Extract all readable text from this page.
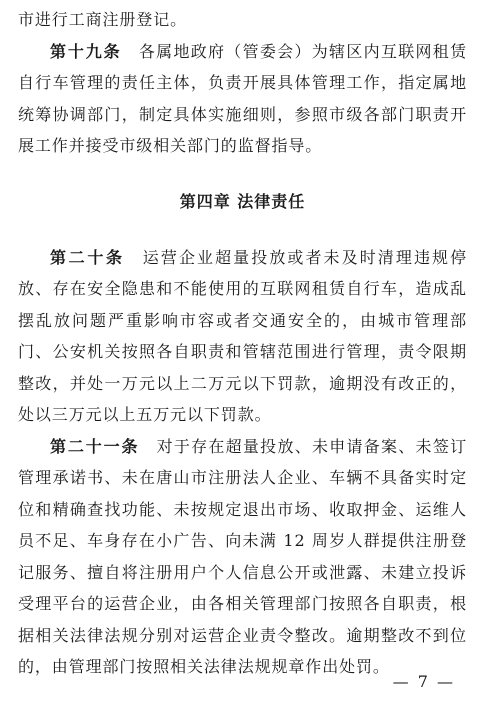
市进行工商注册登记。

第十九条　 各属地政府（管委会）为辖区内互联网租赁自行车管理的责任主体，负责开展具体管理工作，指定属地统筹协调部门，制定具体实施细则，参照市级各部门职责开展工作并接受市级相关部门的监督指导。

第四章 法律责任

第二十条　 运营企业超量投放或者未及时清理违规停放、存在安全隐患和不能使用的互联网租赁自行车，造成乱摆乱放问题严重影响市容或者交通安全的，由城市管理部门、公安机关按照各自职责和管辖范围进行管理，责令限期整改，并处一万元以上二万元以下罚款，逾期没有改正的，处以三万元以上五万元以下罚款。

第二十一条　 对于存在超量投放、未申请备案、未签订管理承诺书、未在唐山市注册法人企业、车辆不具备实时定位和精确查找功能、未按规定退出市场、收取押金、运维人员不足、车身存在小广告、向未满 12 周岁人群提供注册登记服务、擅自将注册用户个人信息公开或泄露、未建立投诉受理平台的运营企业，由各相关管理部门按照各自职责，根据相关法律法规分别对运营企业责令整改。逾期整改不到位的，由管理部门按照相关法律法规规章作出处罚。

— 7 —
